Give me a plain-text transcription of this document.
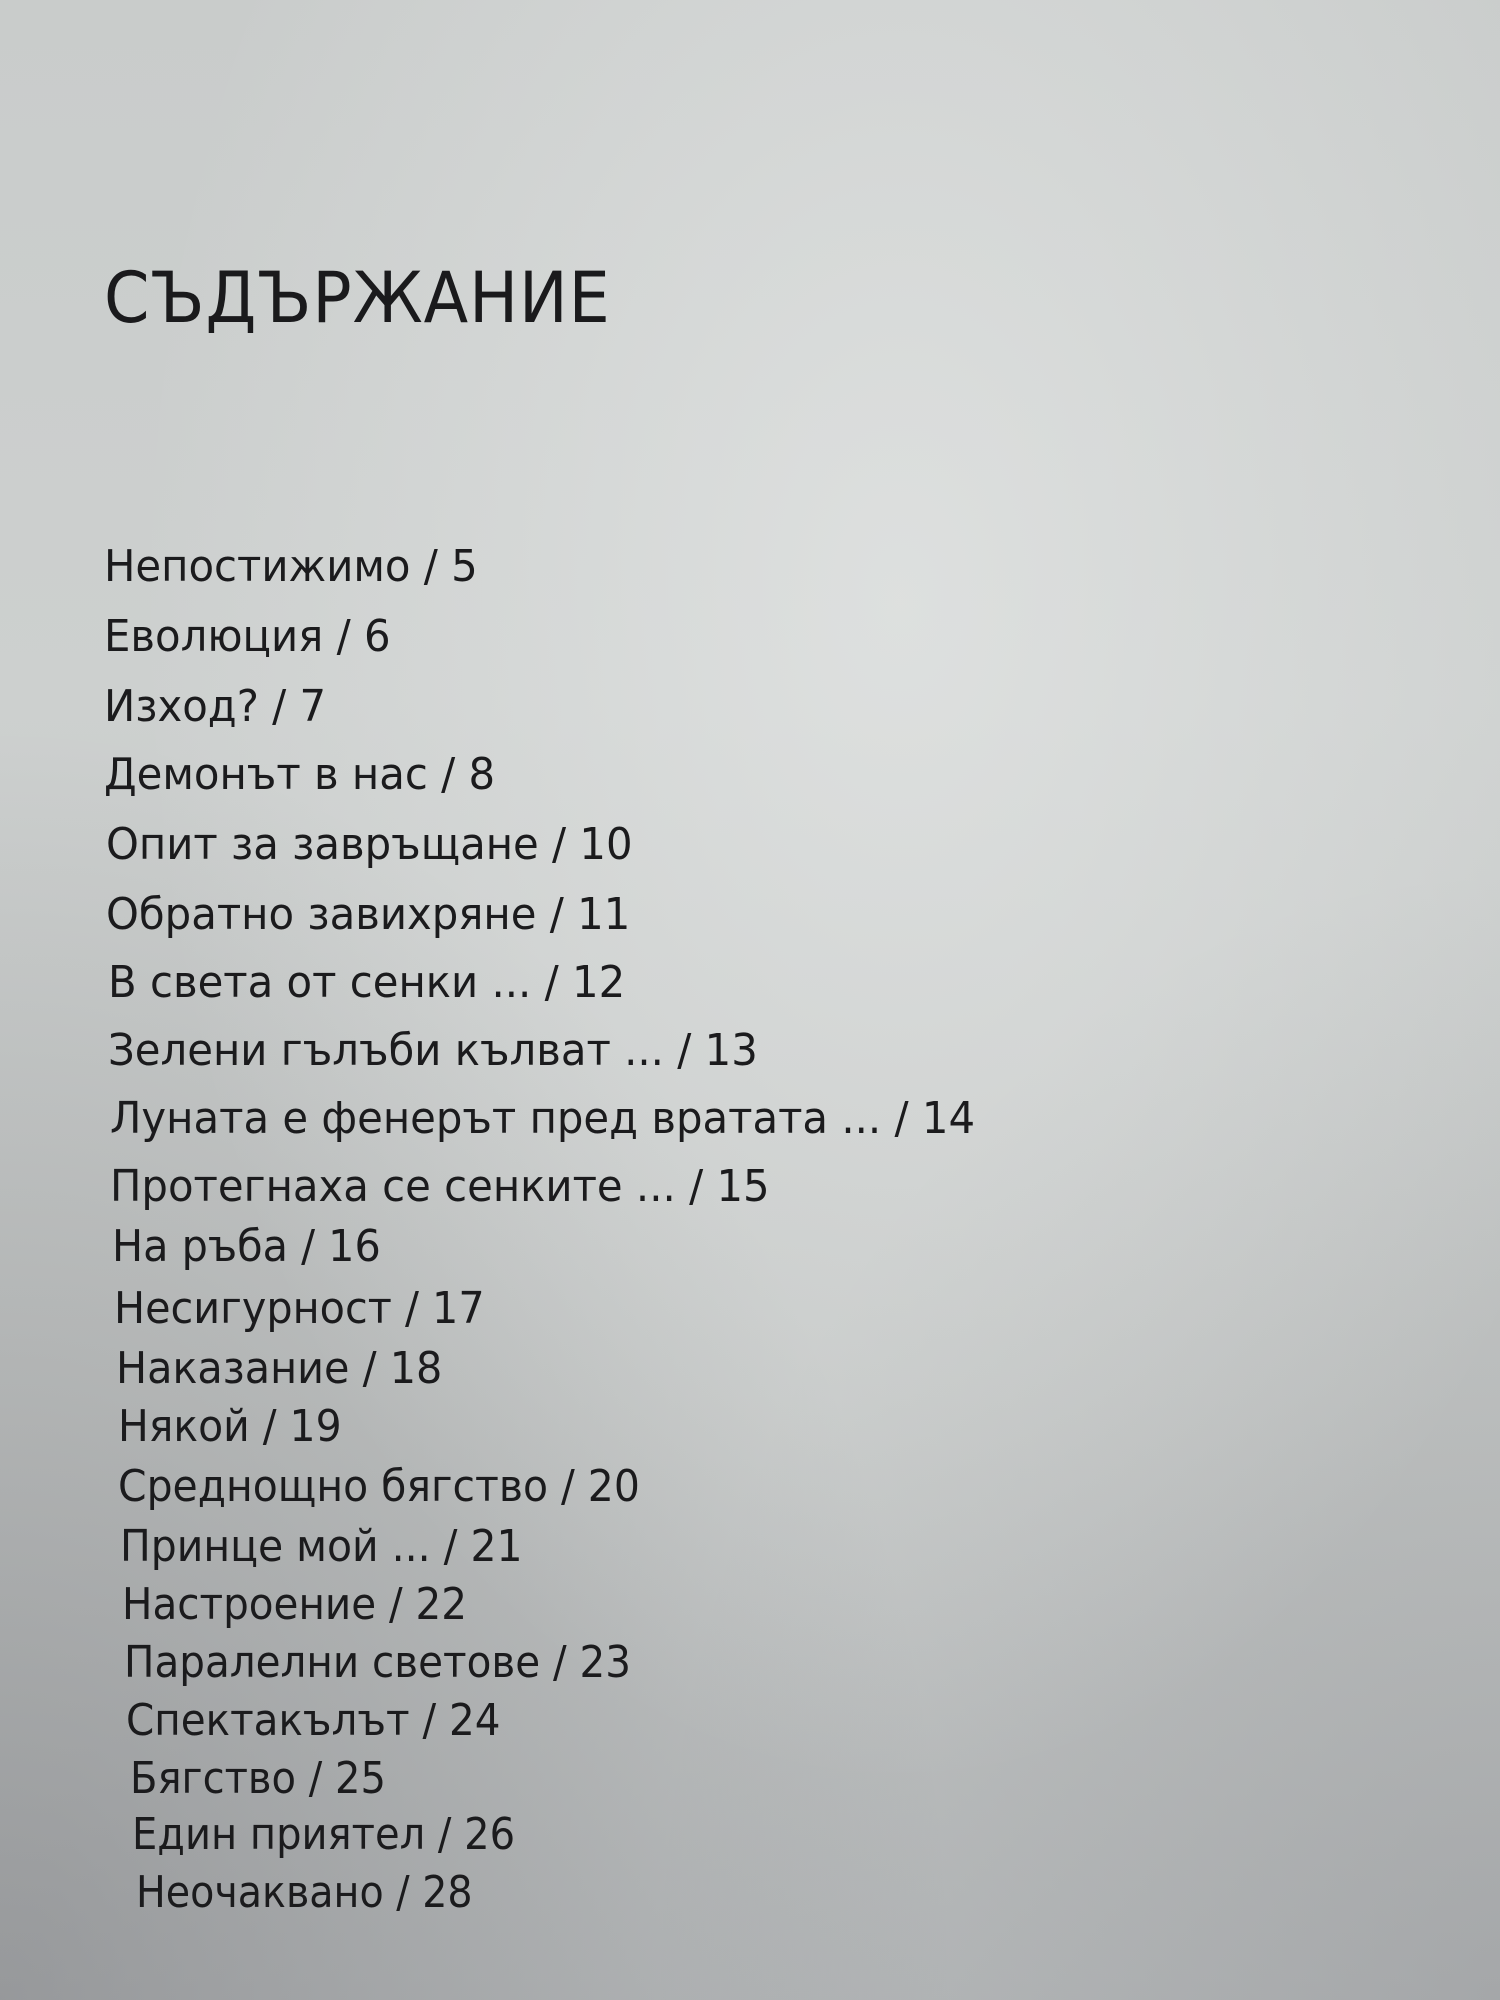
СЪДЪРЖАНИЕ
Непостижимо / 5
Еволюция / 6
Изход? / 7
Демонът в нас / 8
Опит за завръщане / 10
Обратно завихряне / 11
В света от сенки ... / 12
Зелени гълъби кълват ... / 13
Луната е фенерът пред вратата ... / 14
Протегнаха се сенките ... / 15
На ръба / 16
Несигурност / 17
Наказание / 18
Някой / 19
Среднощно бягство / 20
Принце мой ... / 21
Настроение / 22
Паралелни светове / 23
Спектакълът / 24
Бягство / 25
Един приятел / 26
Неочаквано / 28
